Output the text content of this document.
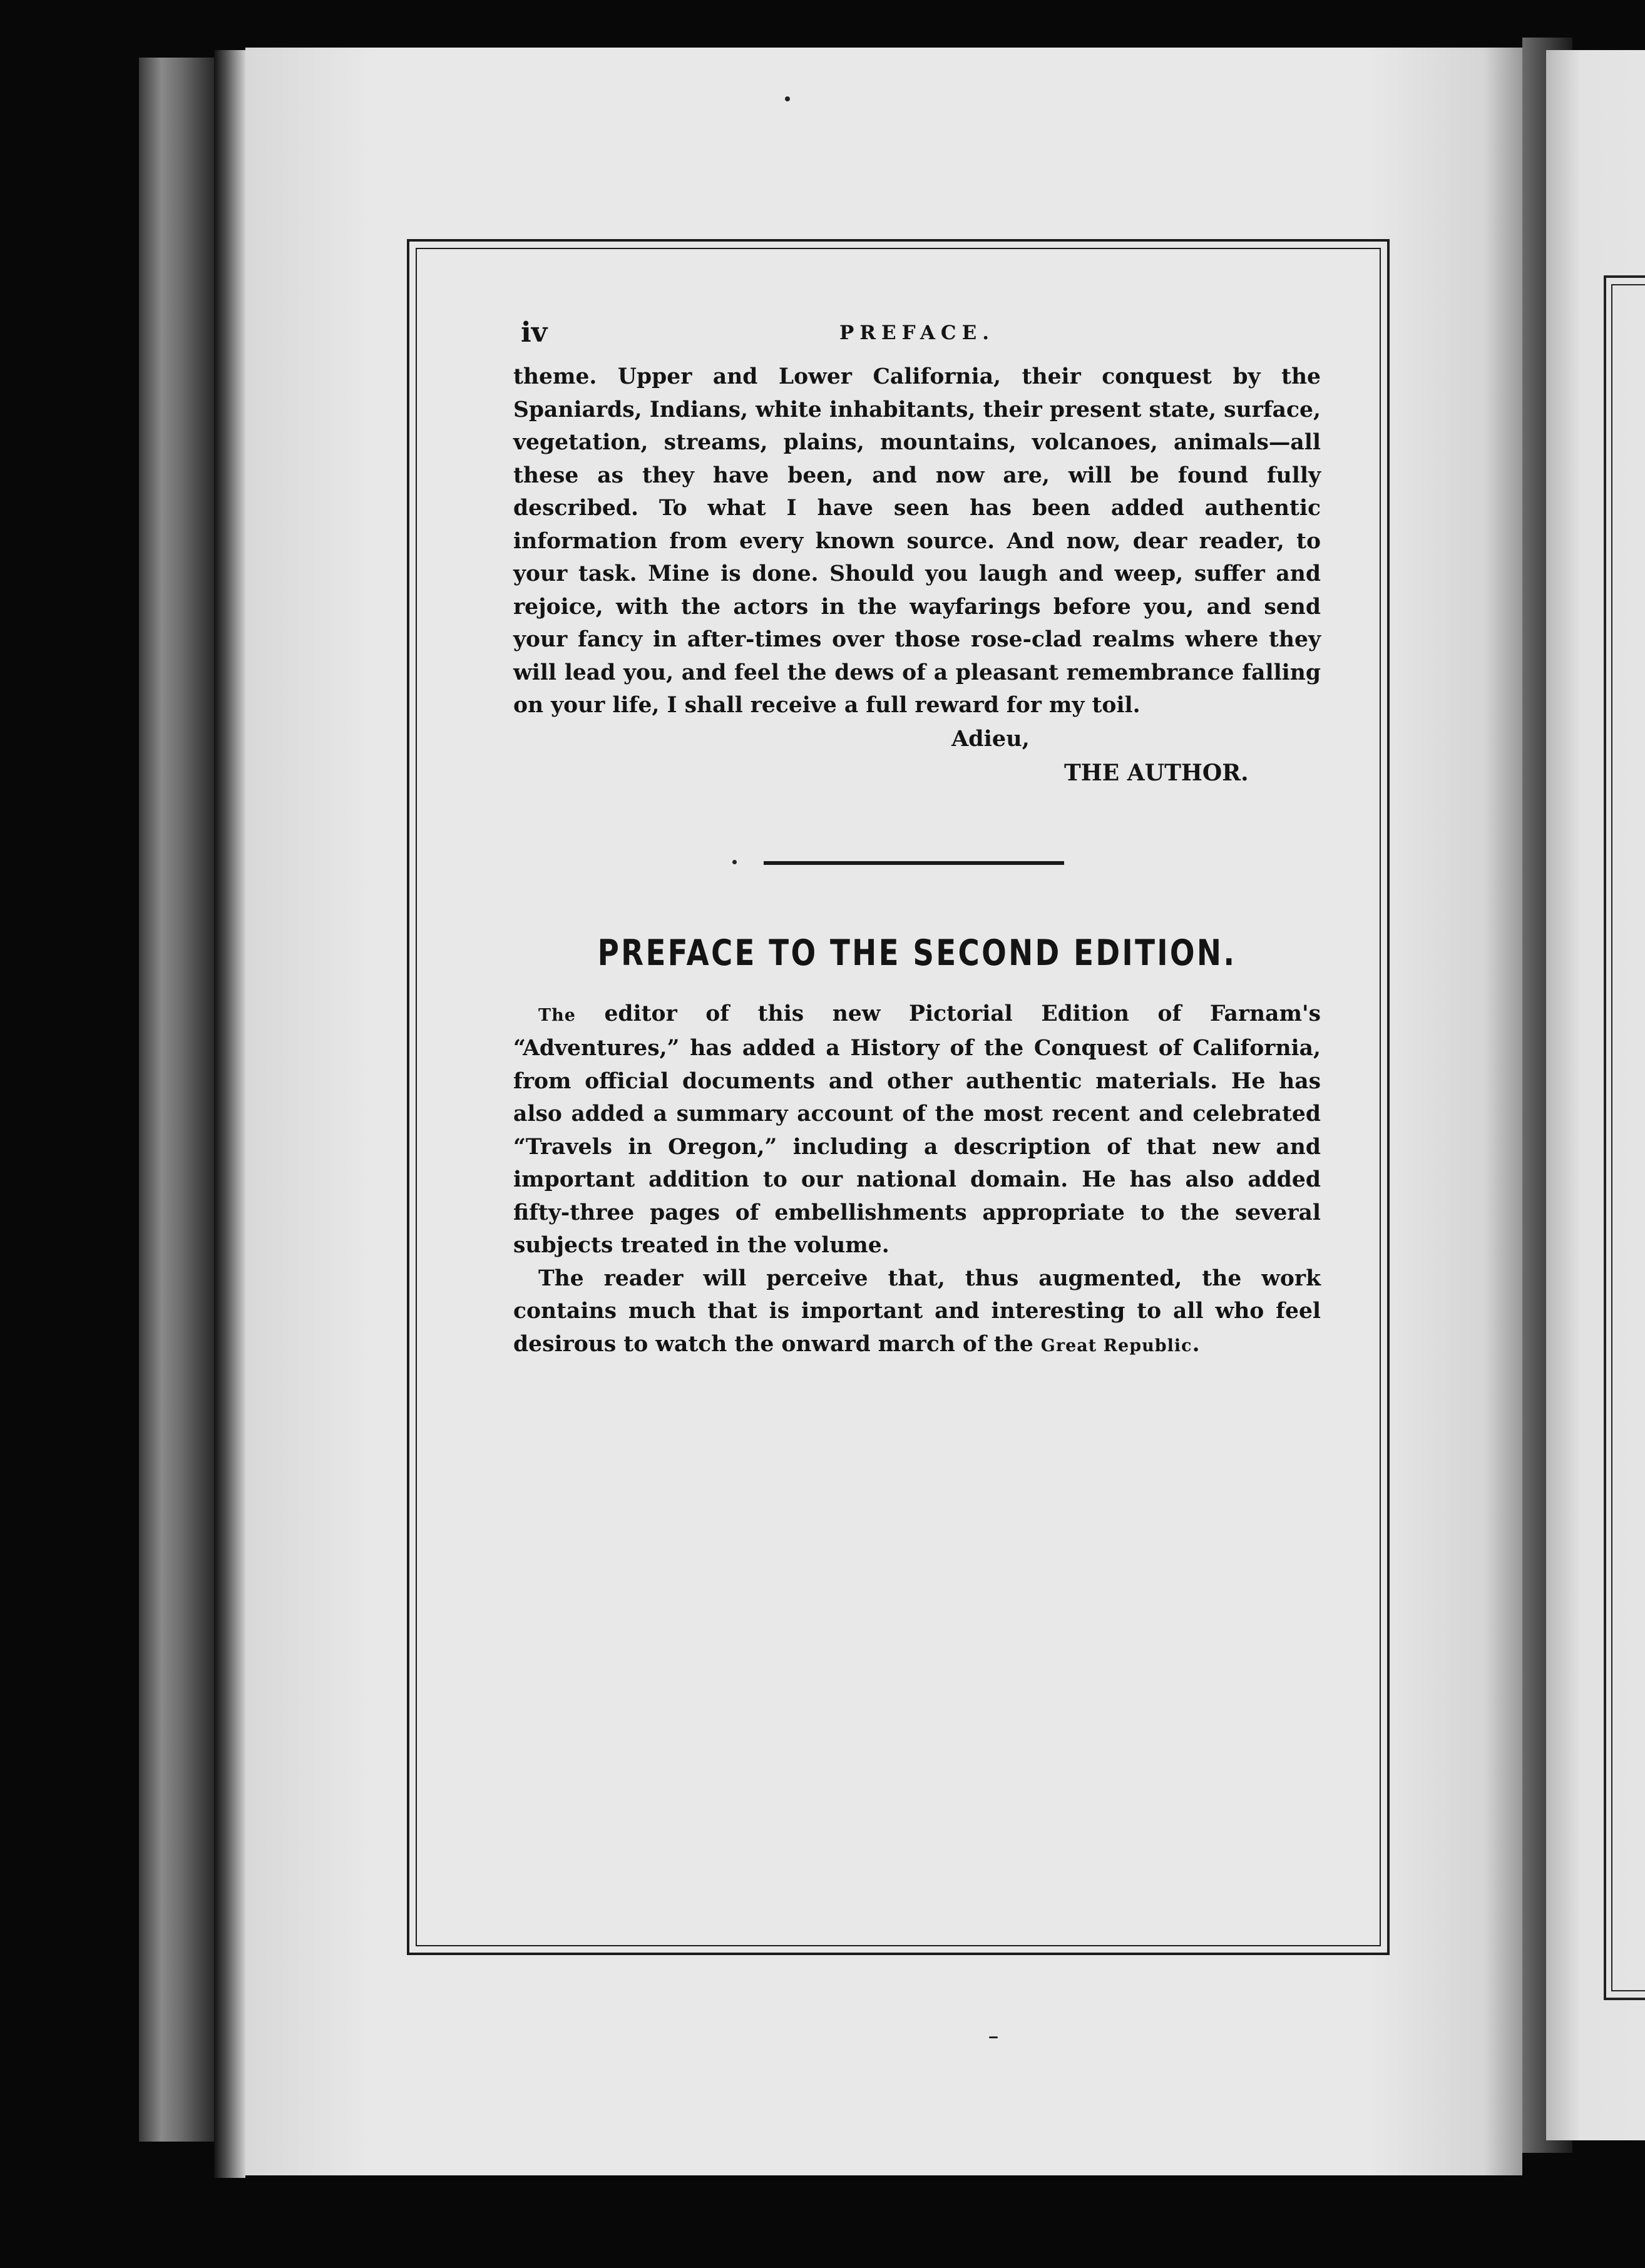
iv	PREFACE.

theme. Upper and Lower California, their conquest by the Spaniards, Indians, white inhabitants, their present state, surface, vegetation, streams, plains, mountains, volcanoes, animals—all these as they have been, and now are, will be found fully described. To what I have seen has been added authentic information from every known source. And now, dear reader, to your task. Mine is done. Should you laugh and weep, suffer and rejoice, with the actors in the wayfarings before you, and send your fancy in after-times over those rose-clad realms where they will lead you, and feel the dews of a pleasant remembrance falling on your life, I shall receive a full reward for my toil.

Adieu,
THE AUTHOR.
PREFACE TO THE SECOND EDITION.

The editor of this new Pictorial Edition of Farnam's “Adventures,” has added a History of the Conquest of California, from official documents and other authentic materials. He has also added a summary account of the most recent and celebrated “Travels in Oregon,” including a description of that new and important addition to our national domain. He has also added fifty-three pages of embellishments appropriate to the several subjects treated in the volume.

The reader will perceive that, thus augmented, the work contains much that is important and interesting to all who feel desirous to watch the onward march of the Great Republic.
